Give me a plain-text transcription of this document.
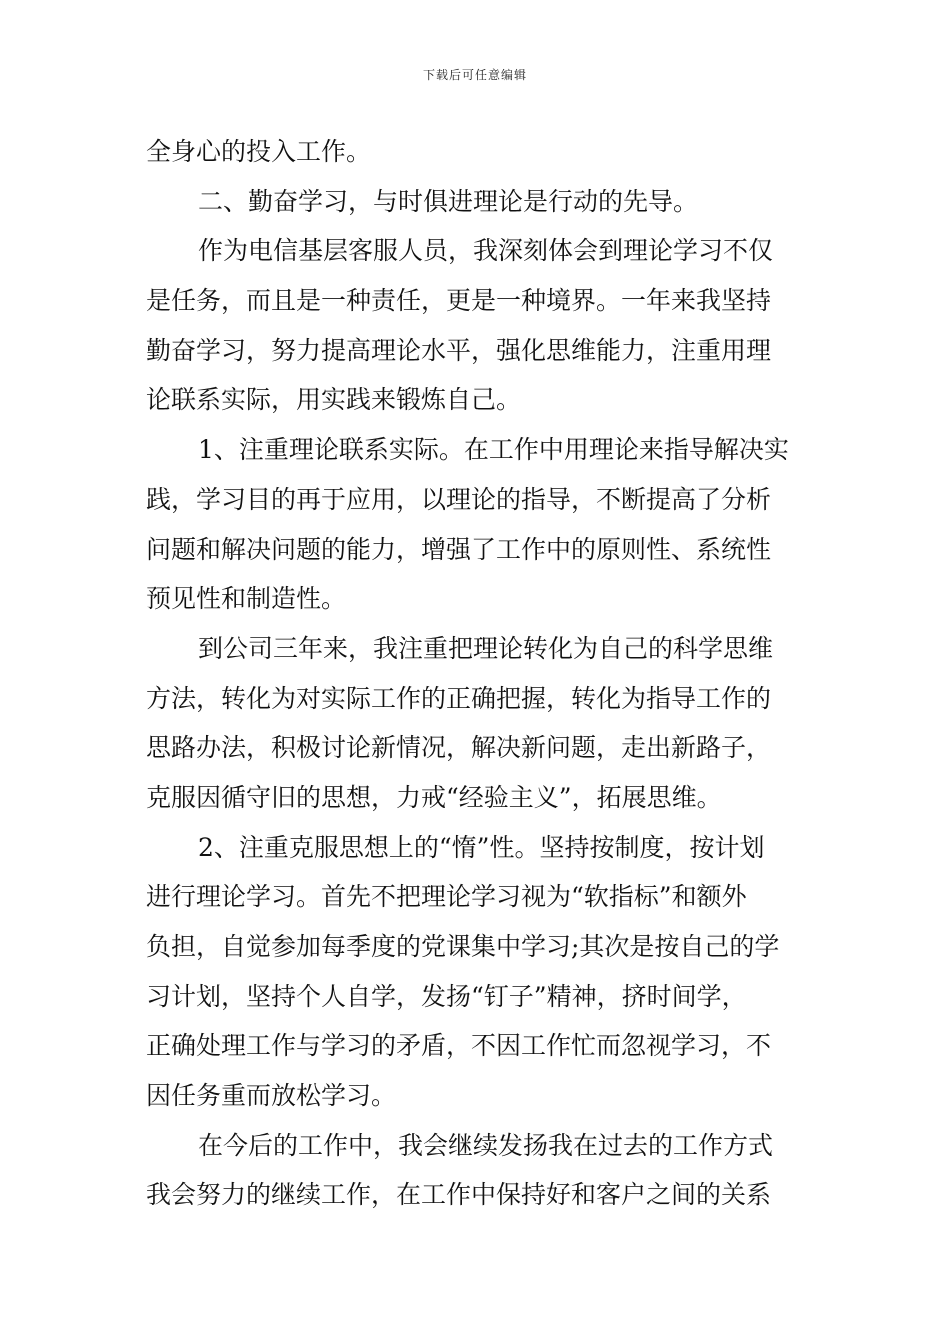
下载后可任意编辑
全身心的投入工作。
二、勤奋学习，与时俱进理论是行动的先导。
作为电信基层客服人员，我深刻体会到理论学习不仅
是任务，而且是一种责任，更是一种境界。一年来我坚持
勤奋学习，努力提高理论水平，强化思维能力，注重用理
论联系实际，用实践来锻炼自己。
1、注重理论联系实际。在工作中用理论来指导解决实
践，学习目的再于应用，以理论的指导，不断提高了分析
问题和解决问题的能力，增强了工作中的原则性、系统性
预见性和制造性。
到公司三年来，我注重把理论转化为自己的科学思维
方法，转化为对实际工作的正确把握，转化为指导工作的
思路办法，积极讨论新情况，解决新问题，走出新路子，
克服因循守旧的思想，力戒“经验主义”，拓展思维。
2、注重克服思想上的“惰”性。坚持按制度，按计划
进行理论学习。首先不把理论学习视为“软指标”和额外
负担，自觉参加每季度的党课集中学习;其次是按自己的学
习计划，坚持个人自学，发扬“钉子”精神，挤时间学，
正确处理工作与学习的矛盾，不因工作忙而忽视学习，不
因任务重而放松学习。
在今后的工作中，我会继续发扬我在过去的工作方式
我会努力的继续工作，在工作中保持好和客户之间的关系
